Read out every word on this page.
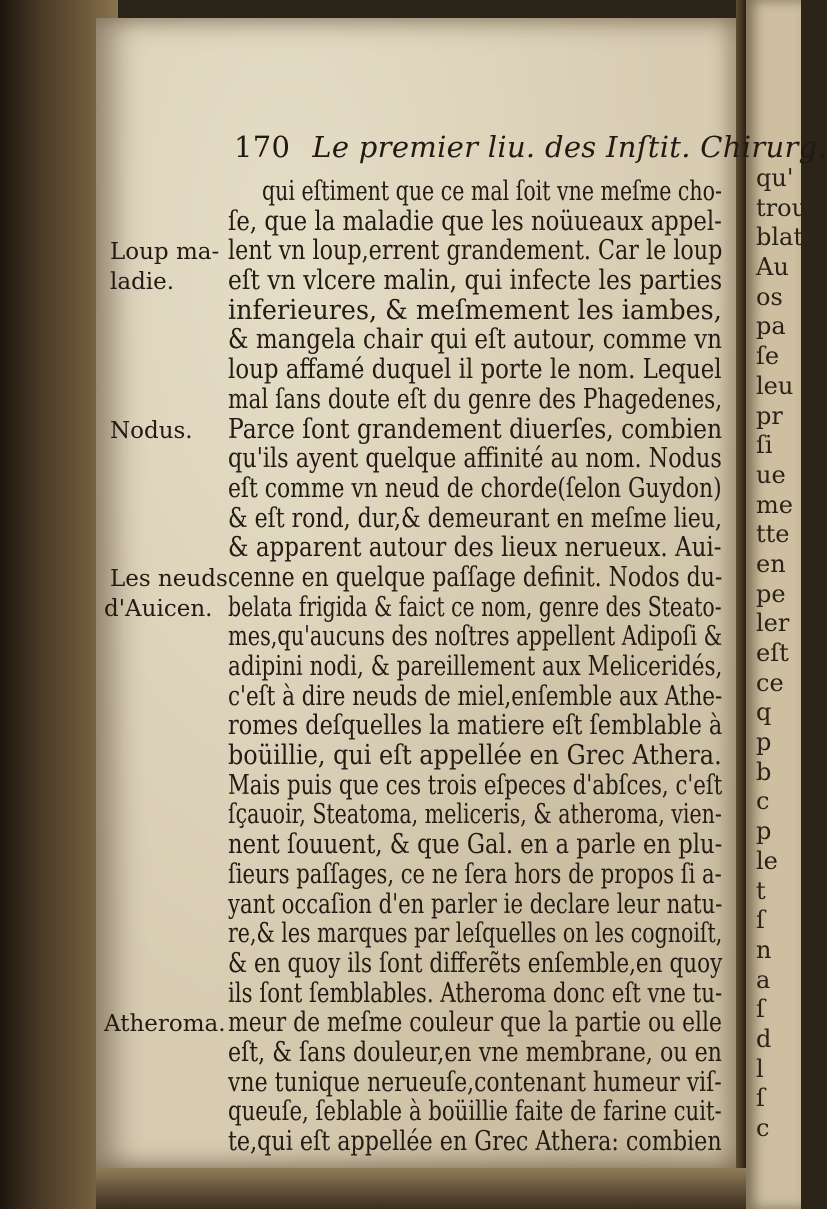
qu'
trou
blat
Au
os
pa
ſe
leu
pr
ſi
ue
me
tte
en
pe
ler
eſt
ce
q
p
b
c
p
le
t
ſ
n
a
ſ
d
l
ſ
c
170 Le premier liu. des Inſtit. Chirurg.
Loup ma-
ladie.
Nodus.
Les neuds
d'Auicen.
Atheroma.
qui eſtiment que ce mal ſoit vne meſme cho-
ſe, que la maladie que les noüueaux appel-
lent vn loup,errent grandement. Car le loup
eſt vn vlcere malin, qui infecte les parties
inferieures, & meſmement les iambes,
& mangela chair qui eſt autour, comme vn
loup affamé duquel il porte le nom. Lequel
mal ſans doute eſt du genre des Phagedenes,
Parce ſont grandement diuerſes, combien
qu'ils ayent quelque affinité au nom. Nodus
eſt comme vn neud de chorde(ſelon Guydon)
& eſt rond, dur,& demeurant en meſme lieu,
& apparent autour des lieux nerueux. Aui-
cenne en quelque paſſage definit. Nodos du-
belata frigida & faict ce nom, genre des Steato-
mes,qu'aucuns des noſtres appellent Adipoſi &
adipini nodi, & pareillement aux Meliceridés,
c'eſt à dire neuds de miel,enſemble aux Athe-
romes deſquelles la matiere eſt ſemblable à
boüillie, qui eſt appellée en Grec Athera.
Mais puis que ces trois eſpeces d'abſces, c'eſt
ſçauoir, Steatoma, meliceris, & atheroma, vien-
nent ſouuent, & que Gal. en a parle en plu-
ſieurs paſſages, ce ne ſera hors de propos ſi a-
yant occaſion d'en parler ie declare leur natu-
re,& les marques par leſquelles on les cognoiſt,
& en quoy ils ſont differẽts enſemble,en quoy
ils ſont ſemblables. Atheroma donc eſt vne tu-
meur de meſme couleur que la partie ou elle
eſt, & ſans douleur,en vne membrane, ou en
vne tunique nerueuſe,contenant humeur viſ-
queuſe, ſeblable à boüillie faite de farine cuit-
te,qui eſt appellée en Grec Athera: combien
